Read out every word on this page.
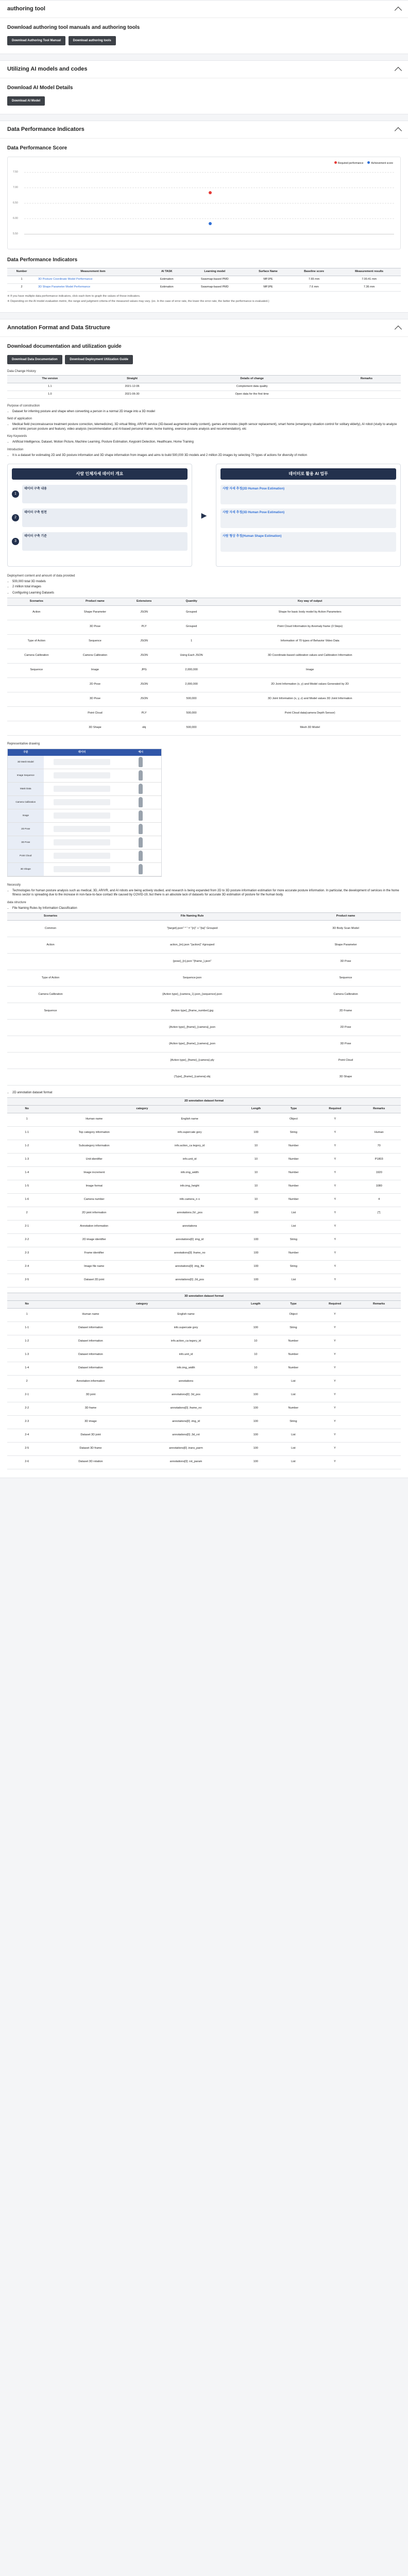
authoring tool
Download authoring tool manuals and authoring tools
Download Authoring Tool Manual	Download authoring tools
Utilizing AI models and codes
Download AI Model Details
Download AI Model
Data Performance Indicators
Data Performance Score
Required performance	Achievement score
7.50
7.00
6.50
6.00
5.50
Data Performance Indicators
Number	Measurement item	AI TASK	Learning model	Surface Name	Baseline score	Measurement results
1	3D Posture Coordinate Model Performance	Estimation	Swarmap-based PMD	MPJPE	7.65 mm	7.00.41 mm
2	3D Shape Parameter Model Performance	Estimation	Swarmap-based PMD	MPJPE	7.6 mm	7.36 mm

※ If you have multiple data performance indicators, click each item to graph the values of those indicators.

※ Depending on the AI model evaluation metric, the range and judgment criteria of the measured values may vary. (ex. In the case of error rate, the lower the error rate, the better the performance is evaluated.)

Annotation Format and Data Structure
Download documentation and utilization guide
Download Data Documentation	Download Deployment Utilization Guide
Data Change History
The version	Straight	Details of change	Remarks
1.1	2021-12-06	Complement data quality	
1.0	2021-06-30	Open data for the first time	
Purpose of construction
• Dataset for inferring posture and shape when converting a person in a normal 2D image into a 3D model
field of application
• Medical field (reconnaissance treatment posture correction, telemedicine), 3D virtual fitting, AR/VR service (3D-based augmented reality content), games and movies (depth sensor replacement), smart home (emergency situation control for solitary elderly), AI robot (study to analyze and mimic person posture and feature), video analysis (recommendation and AI-based personal trainer, home training, exercise posture analysis and recommendation), etc
Key Keywords
• Artificial Intelligence, Dataset, Motion Picture, Machine Learning, Posture Estimation, Keypoint Detection, Healthcare, Home Training
Introduction
• It is a dataset for estimating 2D and 3D posture information and 3D shape information from images and aims to build 500,000 3D models and 2 million 2D images by selecting 70 types of actions for diversity of motion
사람 인체자세 데이터 개요
1
데이터 구축 내용
2
데이터 구축 원천
3
데이터 구축 기준
▶
데이터로 활용 AI 업무
사람 자세 추정(2D Human Pose Estimation)
사람 자세 추정(3D Human Pose Estimation)
사람 형상 추정(Human Shape Estimation)
Deployment content and amount of data provided
• 500,000 total 3D models
• 2 million total images
• Configuring Learning Datasets
Scenarios	Product name	Extensions	Quantity	Key way of output
Action	Shape Parameter	JSON	Grouped	Shape for basic body model by Action Parameters
	3D Pose	PLY	Grouped	Point Cloud Information by Anomaly frame (3 Steps)
Type of Action	Sequence	JSON	1	Information of 70 types of Behavior Video Data
Camera Calibration	Camera Calibration	JSON	Using Each JSON	3D Coordinate-based calibration values and Calibration Information
Sequence	Image	JPG	2,000,000	Image
	2D Pose	JSON	2,000,000	2D Joint Information (x, y) and Model values Generated by 2D
	3D Pose	JSON	500,000	3D Joint Information (x, y, z) and Model values 3D Joint Information
	Point Cloud	PLY	500,000	Point Cloud data(camera Depth Sensor)
	3D Shape	obj	500,000	Mesh 3D Model
Representative drawing
구분	데이터	예시
3D Mesh Model
Image Sequence
Mask Data
Camera Calibration
Image
2D Pose
3D Pose
Point Cloud
3D Shape
Necessity
• Technologies for human posture analysis such as medical, 3D, AR/VR, and AI robots are being actively studied, and research is being expanded from 2D to 3D posture information estimation for more accurate posture information. In particular, the development of services in the home fitness sector is spreading due to the increase in non-face-to-face contact life caused by COVID-19, but there is an absolute lack of datasets for accurate 3D estimation of posture for the human body.
data structure
• File Naming Rules by Information Classification
Scenarios	File Naming Rule	Product name
Common	"{target}.json" * " = "{n}" + "{ta}" Grouped	3D Body Scan Model
Action	action_{m}.json "{action}" #grouped	Shape Parameter
	{pose}_{n}.json "{frame_}.json"	3D Pose
Type of Action	Sequence.json	Sequence
Camera Calibration	{Action type}_{camera_1}.json_{sequence}.json	Camera Calibration
Sequence	{Action type}_{frame_number}.jpg	2D Frame
	{Action type}_{frame}_{camera}_json	2D Pose
	{Action type}_{frame}_{camera}_json	3D Pose
	{Action type}_{frame}_{camera}.ply	Point Cloud
	{Type}_{frame}_{camera}.obj	3D Shape
• 2D annotation dataset format
2D annotation dataset format						
No	category		Length	Type	Required	Remarks
1	Human name	English name		Object	Y	
1-1	Top category information	info.supercate gory	100	String	Y	Human
1-2	Subcategory information	info.action_ca tegory_id	10	Number	Y	70
1-3	Unit identifier	info.unit_id	10	Number	Y	P1803
1-4	Image increment	info.img_width	10	Number	Y	1920
1-5	Image format	info.img_height	10	Number	Y	1080
1-6	Camera number	info.camera_n o	10	Number	Y	4
2	2D joint information	annotations.2d _pos	100	List	Y	[*]
2-1	Annotation information	annotations		List	Y	
2-2	2D image identifier	annotations[0] .img_id	100	String	Y	
2-3	Frame identifier	annotations[0] .frame_no	100	Number	Y	
2-4	Image file name	annotations[0] .img_file	100	String	Y	
2-5	Dataset 2D joint	annotations[0] .2d_pos	100	List	Y	
3D annotation dataset format						
No	category		Length	Type	Required	Remarks
1	Human name	English name		Object	Y	
1-1	Dataset information	info.supercate gory	100	String	Y	
1-2	Dataset information	info.action_ca tegory_id	10	Number	Y	
1-3	Dataset information	info.unit_id	10	Number	Y	
1-4	Dataset information	info.img_width	10	Number	Y	
2	Annotation information	annotations		List	Y	
2-1	3D joint	annotations[0] .3d_pos	100	List	Y	
2-2	3D frame	annotations[0] .frame_no	100	Number	Y	
2-3	3D image	annotations[0] .img_id	100	String	Y	
2-4	Dataset 3D joint	annotations[0] .3d_rot	100	List	Y	
2-5	Dataset 3D frame	annotations[0] .trans_parm	100	List	Y	
2-6	Dataset 3D rotation	annotations[0] .rot_param	100	List	Y	
